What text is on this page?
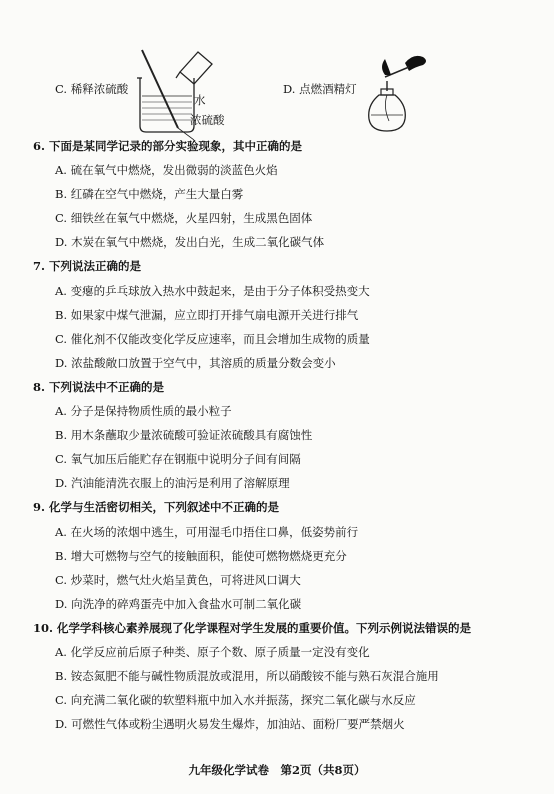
C. 稀释浓硫酸
水
浓硫酸
D. 点燃酒精灯
6. 下面是某同学记录的部分实验现象，其中正确的是
A. 硫在氧气中燃烧，发出微弱的淡蓝色火焰
B. 红磷在空气中燃烧，产生大量白雾
C. 细铁丝在氧气中燃烧，火星四射，生成黑色固体
D. 木炭在氧气中燃烧，发出白光，生成二氧化碳气体
7. 下列说法正确的是
A. 变瘪的乒乓球放入热水中鼓起来，是由于分子体积受热变大
B. 如果家中煤气泄漏，应立即打开排气扇电源开关进行排气
C. 催化剂不仅能改变化学反应速率，而且会增加生成物的质量
D. 浓盐酸敞口放置于空气中，其溶质的质量分数会变小
8. 下列说法中不正确的是
A. 分子是保持物质性质的最小粒子
B. 用木条蘸取少量浓硫酸可验证浓硫酸具有腐蚀性
C. 氧气加压后能贮存在钢瓶中说明分子间有间隔
D. 汽油能清洗衣服上的油污是利用了溶解原理
9. 化学与生活密切相关，下列叙述中不正确的是
A. 在火场的浓烟中逃生，可用湿毛巾捂住口鼻，低姿势前行
B. 增大可燃物与空气的接触面积，能使可燃物燃烧更充分
C. 炒菜时，燃气灶火焰呈黄色，可将进风口调大
D. 向洗净的碎鸡蛋壳中加入食盐水可制二氧化碳
10. 化学学科核心素养展现了化学课程对学生发展的重要价值。下列示例说法错误的是
A. 化学反应前后原子种类、原子个数、原子质量一定没有变化
B. 铵态氮肥不能与碱性物质混放或混用，所以硝酸铵不能与熟石灰混合施用
C. 向充满二氧化碳的软塑料瓶中加入水并振荡，探究二氧化碳与水反应
D. 可燃性气体或粉尘遇明火易发生爆炸，加油站、面粉厂要严禁烟火
九年级化学试卷　第2页（共8页）
